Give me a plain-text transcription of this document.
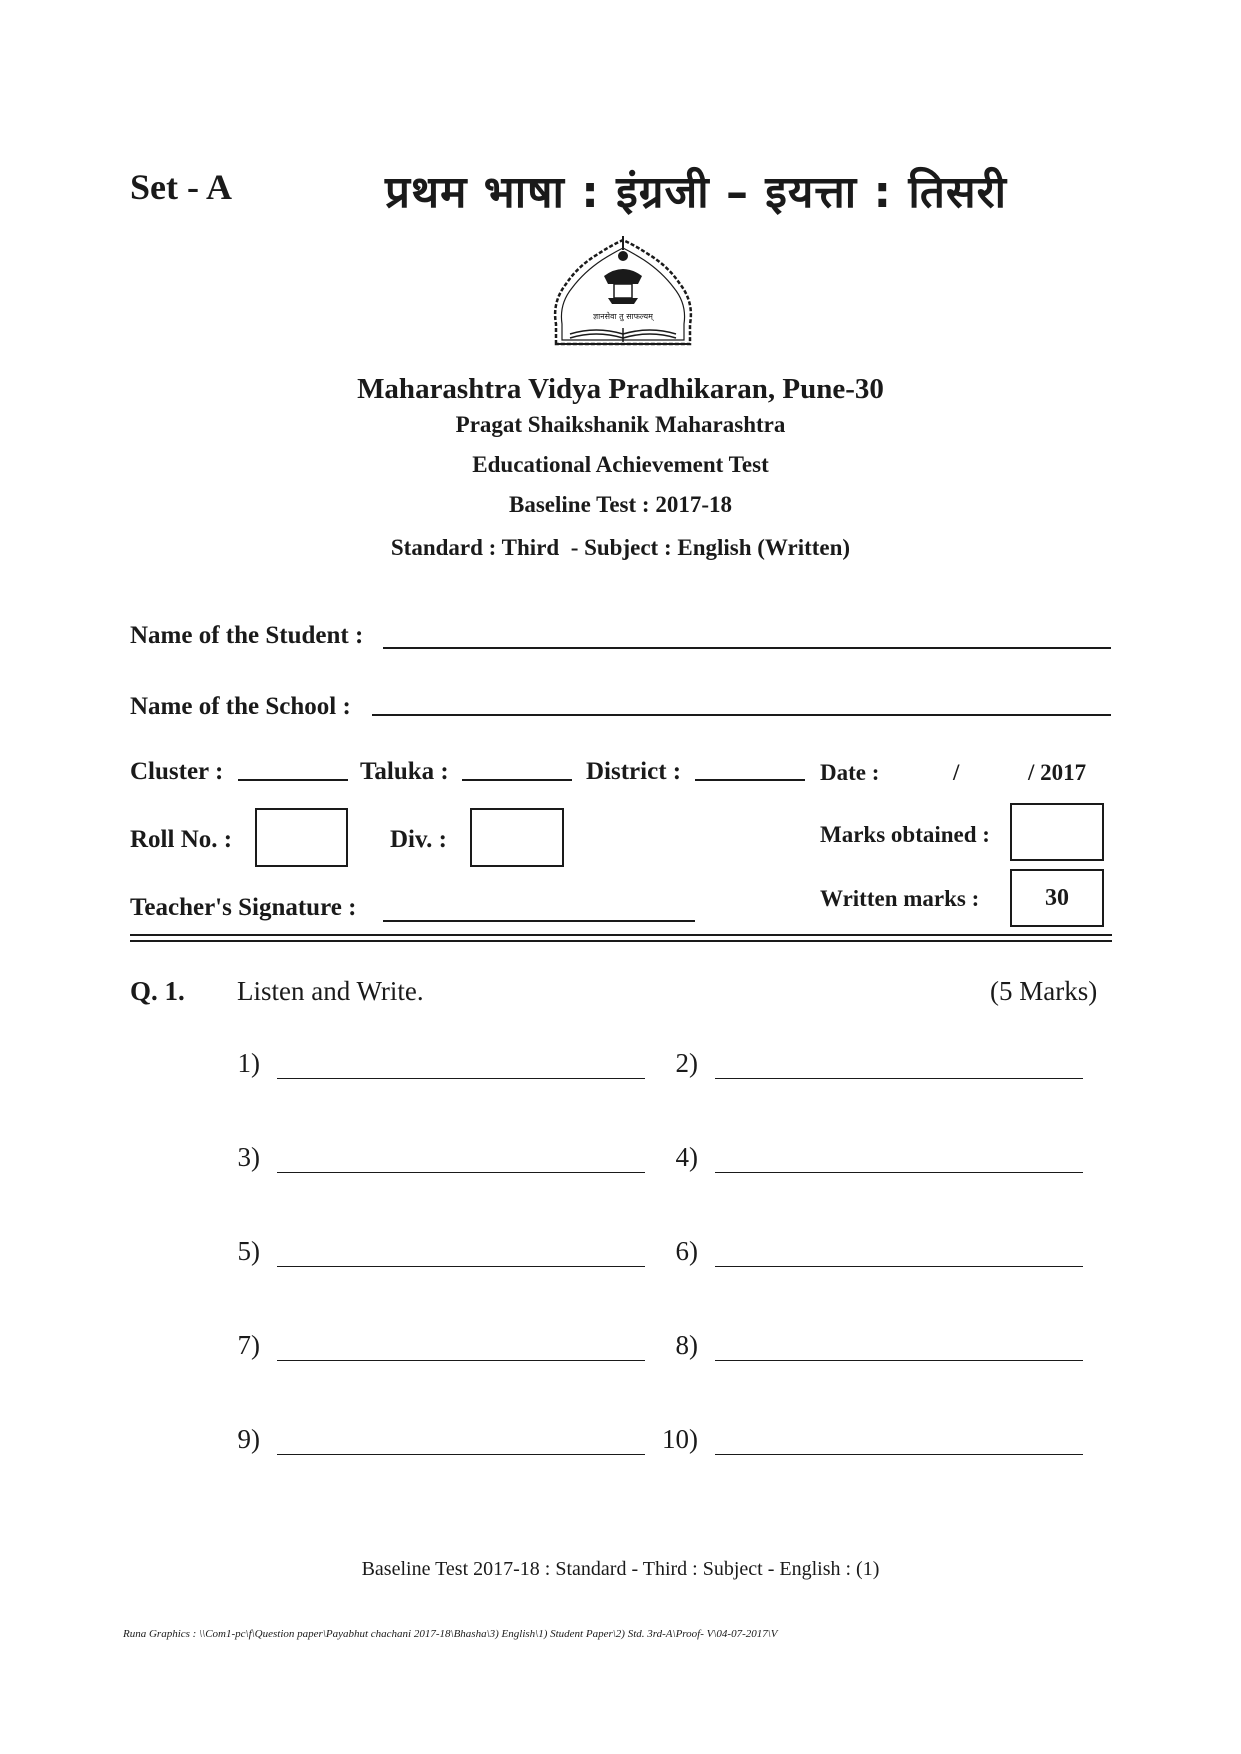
Set - A	प्रथम भाषा : इंग्रजी – इयत्ता : तिसरी
ज्ञानसेवा तु साफल्यम्
Maharashtra Vidya Pradhikaran, Pune-30
Pragat Shaikshanik Maharashtra
Educational Achievement Test
Baseline Test : 2017-18
Standard : Third  - Subject : English (Written)
Name of the Student :
Name of the School :
Cluster :	Taluka :	District :	Date :	/	/ 2017
Roll No. :	Div. :	Marks obtained :
Written marks :	30
Teacher's Signature :
Q. 1. Listen and Write.	(5 Marks)
1)	2)
3)	4)
5)	6)
7)	8)
9)	10)
Baseline Test 2017-18 : Standard - Third : Subject - English : (1)
Runa Graphics : \\Com1-pc\f\Question paper\Payabhut chachani 2017-18\Bhasha\3) English\1) Student Paper\2) Std. 3rd-A\Proof- V\04-07-2017\V
